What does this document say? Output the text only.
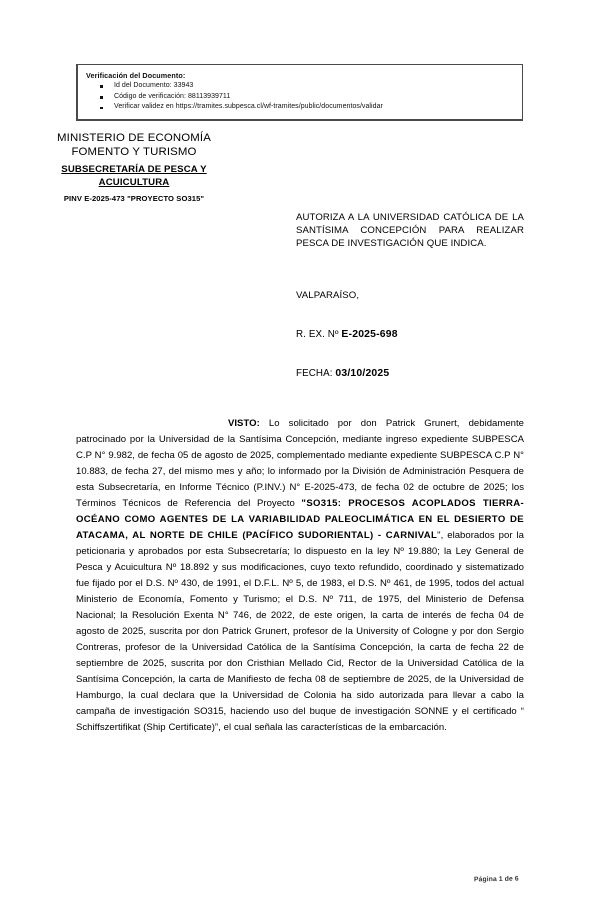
Verificación del Documento:
Id del Documento: 33943
Código de verificación: 88113939711
Verificar validez en https://tramites.subpesca.cl/wf-tramites/public/documentos/validar
MINISTERIO DE ECONOMÍA
FOMENTO Y TURISMO
SUBSECRETARÍA DE PESCA Y ACUICULTURA
PINV E-2025-473 "PROYECTO SO315"
AUTORIZA A LA UNIVERSIDAD CATÓLICA DE LA SANTÍSIMA CONCEPCIÓN PARA REALIZAR PESCA DE INVESTIGACIÓN QUE INDICA.
VALPARAÍSO,
R. EX. Nº E-2025-698
FECHA: 03/10/2025

VISTO: Lo solicitado por don Patrick Grunert, debidamente patrocinado por la Universidad de la Santísima Concepción, mediante ingreso expediente SUBPESCA C.P N° 9.982, de fecha 05 de agosto de 2025, complementado mediante expediente SUBPESCA C.P N° 10.883, de fecha 27, del mismo mes y año; lo informado por la División de Administración Pesquera de esta Subsecretaría, en Informe Técnico (P.INV.) N° E-2025-473, de fecha 02 de octubre de 2025; los Términos Técnicos de Referencia del Proyecto "SO315: PROCESOS ACOPLADOS TIERRA-OCÉANO COMO AGENTES DE LA VARIABILIDAD PALEOCLIMÁTICA EN EL DESIERTO DE ATACAMA, AL NORTE DE CHILE (PACÍFICO SUDORIENTAL) - CARNIVAL", elaborados por la peticionaria y aprobados por esta Subsecretaría; lo dispuesto en la ley Nº 19.880; la Ley General de Pesca y Acuicultura Nº 18.892 y sus modificaciones, cuyo texto refundido, coordinado y sistematizado fue fijado por el D.S. Nº 430, de 1991, el D.F.L. Nº 5, de 1983, el D.S. Nº 461, de 1995, todos del actual Ministerio de Economía, Fomento y Turismo; el D.S. Nº 711, de 1975, del Ministerio de Defensa Nacional; la Resolución Exenta N° 746, de 2022, de este origen, la carta de interés de fecha 04 de agosto de 2025, suscrita por don Patrick Grunert, profesor de la University of Cologne y por don Sergio Contreras, profesor de la Universidad Católica de la Santísima Concepción, la carta de fecha 22 de septiembre de 2025, suscrita por don Cristhian Mellado Cid, Rector de la Universidad Católica de la Santísima Concepción, la carta de Manifiesto de fecha 08 de septiembre de 2025, de la Universidad de Hamburgo, la cual declara que la Universidad de Colonia ha sido autorizada para llevar a cabo la campaña de investigación SO315, haciendo uso del buque de investigación SONNE y el certificado “ Schiffszertifikat (Ship Certificate)”, el cual señala las características de la embarcación.

Página 1 de 6
